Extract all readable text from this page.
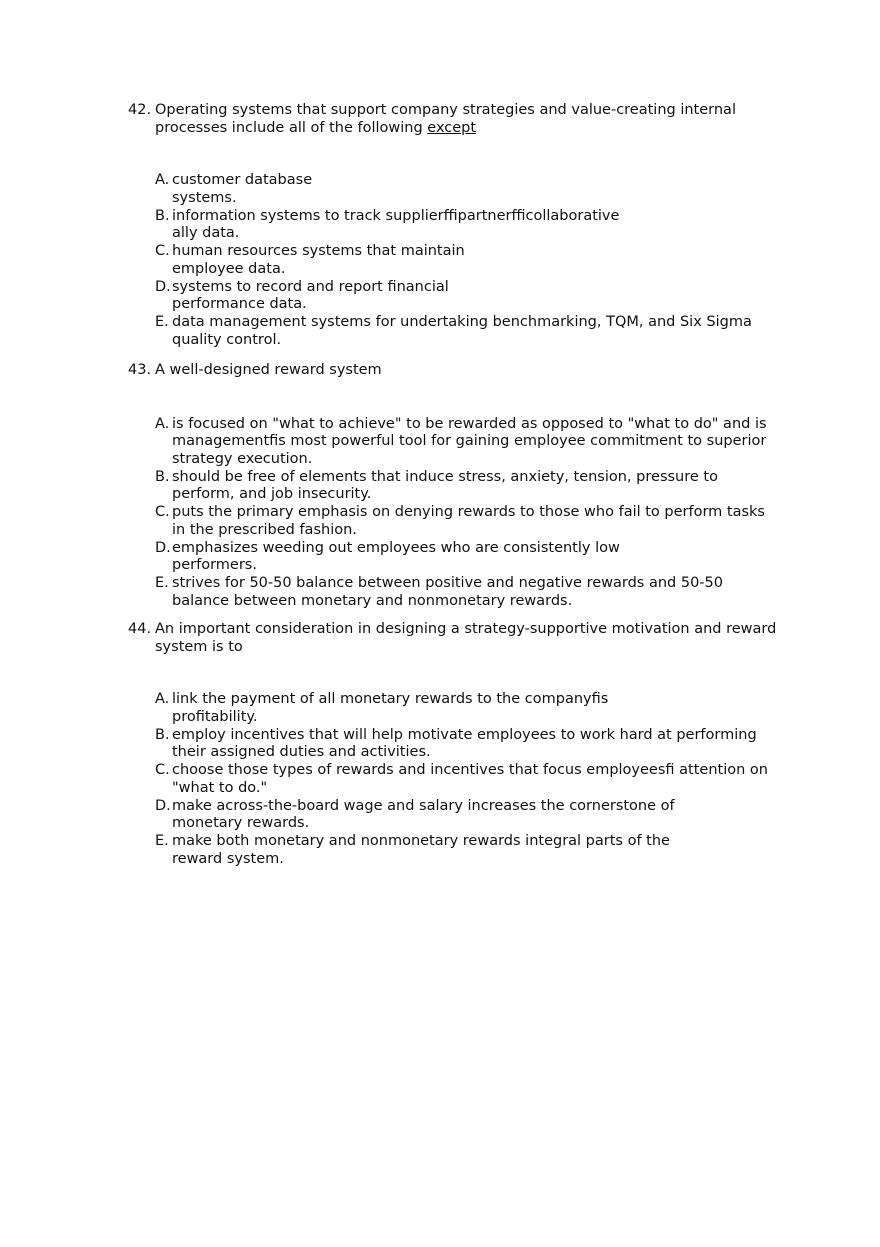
42. Operating systems that support company strategies and value-creating internal processes include all of the following except
A. customer database
systems.
B. information systems to track supplierffipartnerfficollaborative
ally data.
C. human resources systems that maintain
employee data.
D. systems to record and report financial
performance data.
E. data management systems for undertaking benchmarking, TQM, and Six Sigma
quality control.
43. A well-designed reward system
A. is focused on "what to achieve" to be rewarded as opposed to "what to do" and is
managementfis most powerful tool for gaining employee commitment to superior
strategy execution.
B. should be free of elements that induce stress, anxiety, tension, pressure to
perform, and job insecurity.
C. puts the primary emphasis on denying rewards to those who fail to perform tasks
in the prescribed fashion.
D. emphasizes weeding out employees who are consistently low
performers.
E. strives for 50-50 balance between positive and negative rewards and 50-50
balance between monetary and nonmonetary rewards.
44. An important consideration in designing a strategy-supportive motivation and reward
system is to
A. link the payment of all monetary rewards to the companyfis
profitability.
B. employ incentives that will help motivate employees to work hard at performing
their assigned duties and activities.
C. choose those types of rewards and incentives that focus employeesfi attention on
"what to do."
D. make across-the-board wage and salary increases the cornerstone of
monetary rewards.
E. make both monetary and nonmonetary rewards integral parts of the
reward system.
